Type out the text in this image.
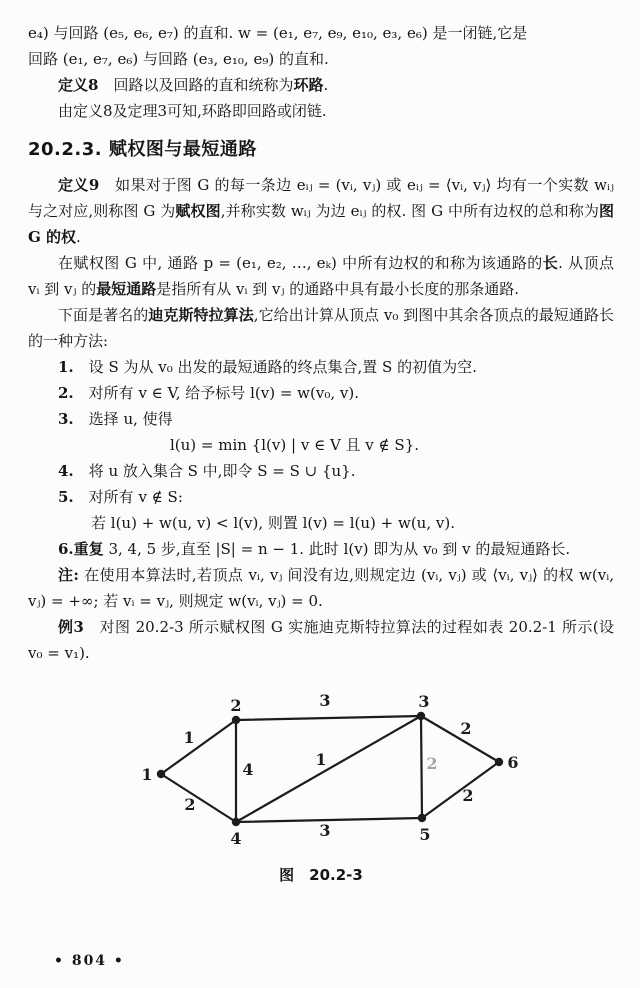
e₄) 与回路 (e₅, e₆, e₇) 的直和. w = (e₁, e₇, e₉, e₁₀, e₃, e₆) 是一闭链,它是

回路 (e₁, e₇, e₆) 与回路 (e₃, e₁₀, e₉) 的直和.

定义8　回路以及回路的直和统称为环路.

由定义8及定理3可知,环路即回路或闭链.

20.2.3. 赋权图与最短通路

定义9　如果对于图 G 的每一条边 eᵢⱼ = (vᵢ, vⱼ) 或 eᵢⱼ = ⟨vᵢ, vⱼ⟩ 均有一个实数 wᵢⱼ 与之对应,则称图 G 为赋权图,并称实数 wᵢⱼ 为边 eᵢⱼ 的权. 图 G 中所有边权的总和称为图 G 的权.

在赋权图 G 中, 通路 p = (e₁, e₂, …, eₖ) 中所有边权的和称为该通路的长. 从顶点 vᵢ 到 vⱼ 的最短通路是指所有从 vᵢ 到 vⱼ 的通路中具有最小长度的那条通路.

下面是著名的迪克斯特拉算法,它给出计算从顶点 v₀ 到图中其余各顶点的最短通路长的一种方法:

1.　设 S 为从 v₀ 出发的最短通路的终点集合,置 S 的初值为空.

2.　对所有 v ∈ V, 给予标号 l(v) = w(v₀, v).

3.　选择 u, 使得

l(u) = min {l(v) | v ∈ V 且 v ∉ S}.

4.　将 u 放入集合 S 中,即令 S = S ∪ {u}.

5.　对所有 v ∉ S:

若 l(u) + w(u, v) < l(v), 则置 l(v) = l(u) + w(u, v).

6.重复 3, 4, 5 步,直至 |S| = n − 1. 此时 l(v) 即为从 v₀ 到 v 的最短通路长.

注: 在使用本算法时,若顶点 vᵢ, vⱼ 间没有边,则规定边 (vᵢ, vⱼ) 或 ⟨vᵢ, vⱼ⟩ 的权 w(vᵢ, vⱼ) = +∞; 若 vᵢ = vⱼ, 则规定 w(vᵢ, vⱼ) = 0.

例3　对图 20.2-3 所示赋权图 G 实施迪克斯特拉算法的过程如表 20.2-1 所示(设 v₀ = v₁).

1
2
3
4
1	2
2
3
2
1
2	3
4	5
6
图　20.2-3
• 804 •
